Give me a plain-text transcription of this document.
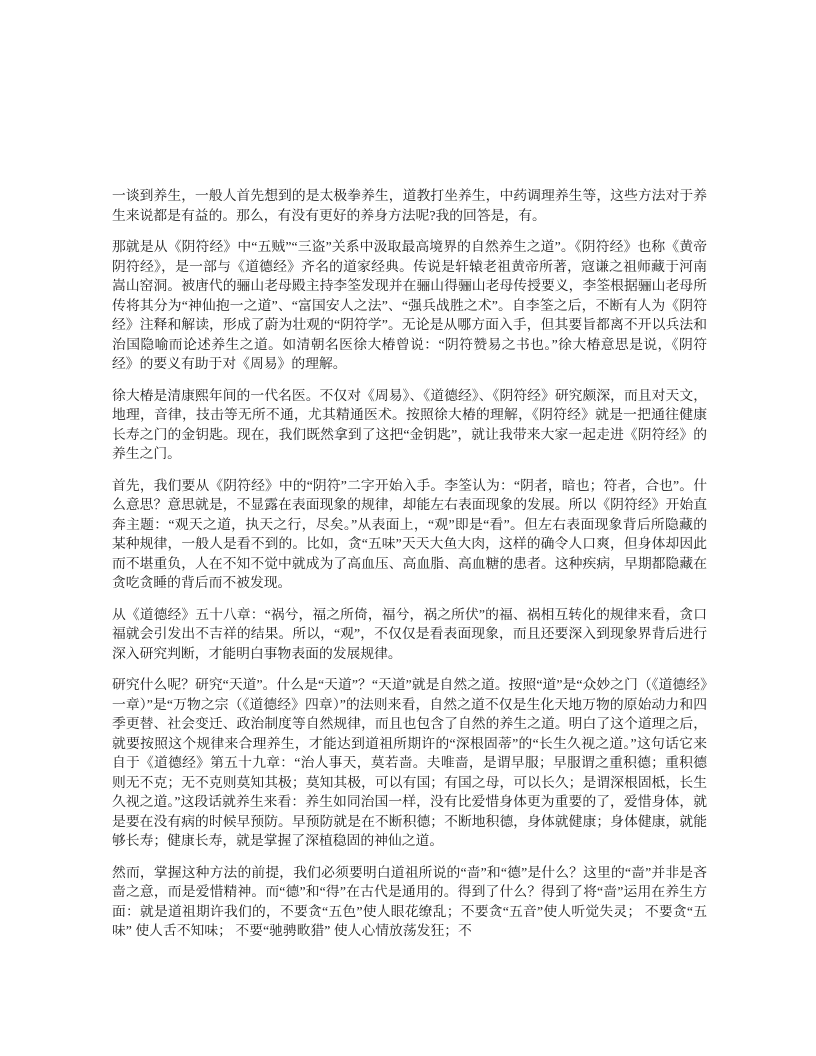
一谈到养生，一般人首先想到的是太极拳养生，道教打坐养生，中药调理养生等，这些方法对于养生来说都是有益的。那么，有没有更好的养身方法呢?我的回答是，有。

那就是从《阴符经》中“五贼”“三盗”关系中汲取最高境界的自然养生之道”。《阴符经》也称《黄帝阴符经》，是一部与《道德经》齐名的道家经典。传说是轩辕老祖黄帝所著，寇谦之祖师藏于河南嵩山窑洞。被唐代的骊山老母殿主持李筌发现并在骊山得骊山老母传授要义，李筌根据骊山老母所传将其分为“神仙抱一之道”、“富国安人之法”、“强兵战胜之术”。自李筌之后，不断有人为《阴符经》注释和解读，形成了蔚为壮观的“阴符学”。无论是从哪方面入手，但其要旨都离不开以兵法和治国隐喻而论述养生之道。如清朝名医徐大椿曾说：“阴符赞易之书也。”徐大椿意思是说，《阴符经》的要义有助于对《周易》的理解。

徐大椿是清康熙年间的一代名医。不仅对《周易》、《道德经》、《阴符经》研究颇深，而且对天文，地理，音律，技击等无所不通，尤其精通医术。按照徐大椿的理解，《阴符经》就是一把通往健康长寿之门的金钥匙。现在，我们既然拿到了这把“金钥匙”，就让我带来大家一起走进《阴符经》的养生之门。

首先，我们要从《阴符经》中的“阴符”二字开始入手。李筌认为：“阴者，暗也；符者，合也”。什么意思？意思就是，不显露在表面现象的规律，却能左右表面现象的发展。所以《阴符经》开始直奔主题：“观天之道，执天之行，尽矣。”从表面上，“观”即是“看”。但左右表面现象背后所隐藏的某种规律，一般人是看不到的。比如，贪“五味”天天大鱼大肉，这样的确令人口爽，但身体却因此而不堪重负，人在不知不觉中就成为了高血压、高血脂、高血糖的患者。这种疾病，早期都隐藏在贪吃贪睡的背后而不被发现。

从《道德经》五十八章：“祸兮，福之所倚，福兮，祸之所伏”的福、祸相互转化的规律来看，贪口福就会引发出不吉祥的结果。所以，“观”，不仅仅是看表面现象，而且还要深入到现象界背后进行深入研究判断，才能明白事物表面的发展规律。

研究什么呢？研究“天道”。什么是“天道”？“天道”就是自然之道。按照“道”是“众妙之门（《道德经》一章）”是“万物之宗（《道德经》四章）”的法则来看，自然之道不仅是生化天地万物的原始动力和四季更替、社会变迁、政治制度等自然规律，而且也包含了自然的养生之道。明白了这个道理之后，就要按照这个规律来合理养生，才能达到道祖所期许的“深根固蒂”的“长生久视之道。”这句话它来自于《道德经》第五十九章：“治人事天，莫若啬。夫唯啬，是谓早服；早服谓之重积德；重积德则无不克；无不克则莫知其极；莫知其极，可以有国；有国之母，可以长久；是谓深根固柢，长生久视之道。”这段话就养生来看：养生如同治国一样，没有比爱惜身体更为重要的了，爱惜身体，就是要在没有病的时候早预防。早预防就是在不断积德；不断地积德，身体就健康；身体健康，就能够长寿；健康长寿，就是掌握了深植稳固的神仙之道。

然而，掌握这种方法的前提，我们必须要明白道祖所说的“啬”和“德”是什么？这里的“啬”并非是吝啬之意，而是爱惜精神。而“德”和“得”在古代是通用的。得到了什么？得到了将“啬”运用在养生方面：就是道祖期许我们的，不要贪“五色”使人眼花缭乱；不要贪“五音”使人听觉失灵； 不要贪“五味” 使人舌不知味； 不要“驰骋畋猎” 使人心情放荡发狂；不
